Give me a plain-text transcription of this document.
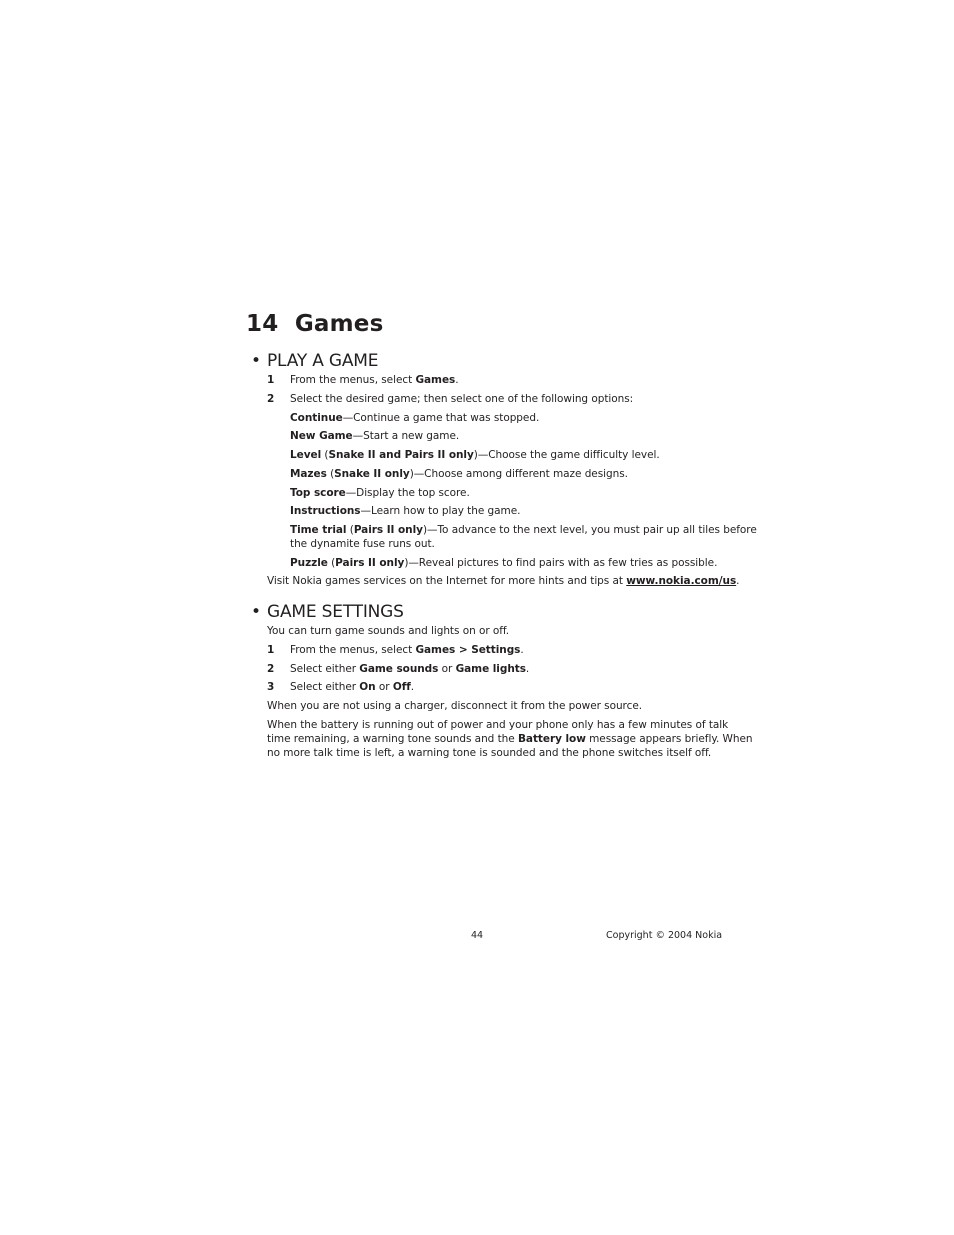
14 Games
• PLAY A GAME
1 From the menus, select Games.
2 Select the desired game; then select one of the following options:
Continue—Continue a game that was stopped.
New Game—Start a new game.
Level (Snake II and Pairs II only)—Choose the game difficulty level.
Mazes (Snake II only)—Choose among different maze designs.
Top score—Display the top score.
Instructions—Learn how to play the game.
Time trial (Pairs II only)—To advance to the next level, you must pair up all tiles before
the dynamite fuse runs out.
Puzzle (Pairs II only)—Reveal pictures to find pairs with as few tries as possible.
Visit Nokia games services on the Internet for more hints and tips at www.nokia.com/us.
• GAME SETTINGS
You can turn game sounds and lights on or off.
1 From the menus, select Games > Settings.
2 Select either Game sounds or Game lights.
3 Select either On or Off.
When you are not using a charger, disconnect it from the power source.
When the battery is running out of power and your phone only has a few minutes of talk
time remaining, a warning tone sounds and the Battery low message appears briefly. When
no more talk time is left, a warning tone is sounded and the phone switches itself off.
44	Copyright © 2004 Nokia
